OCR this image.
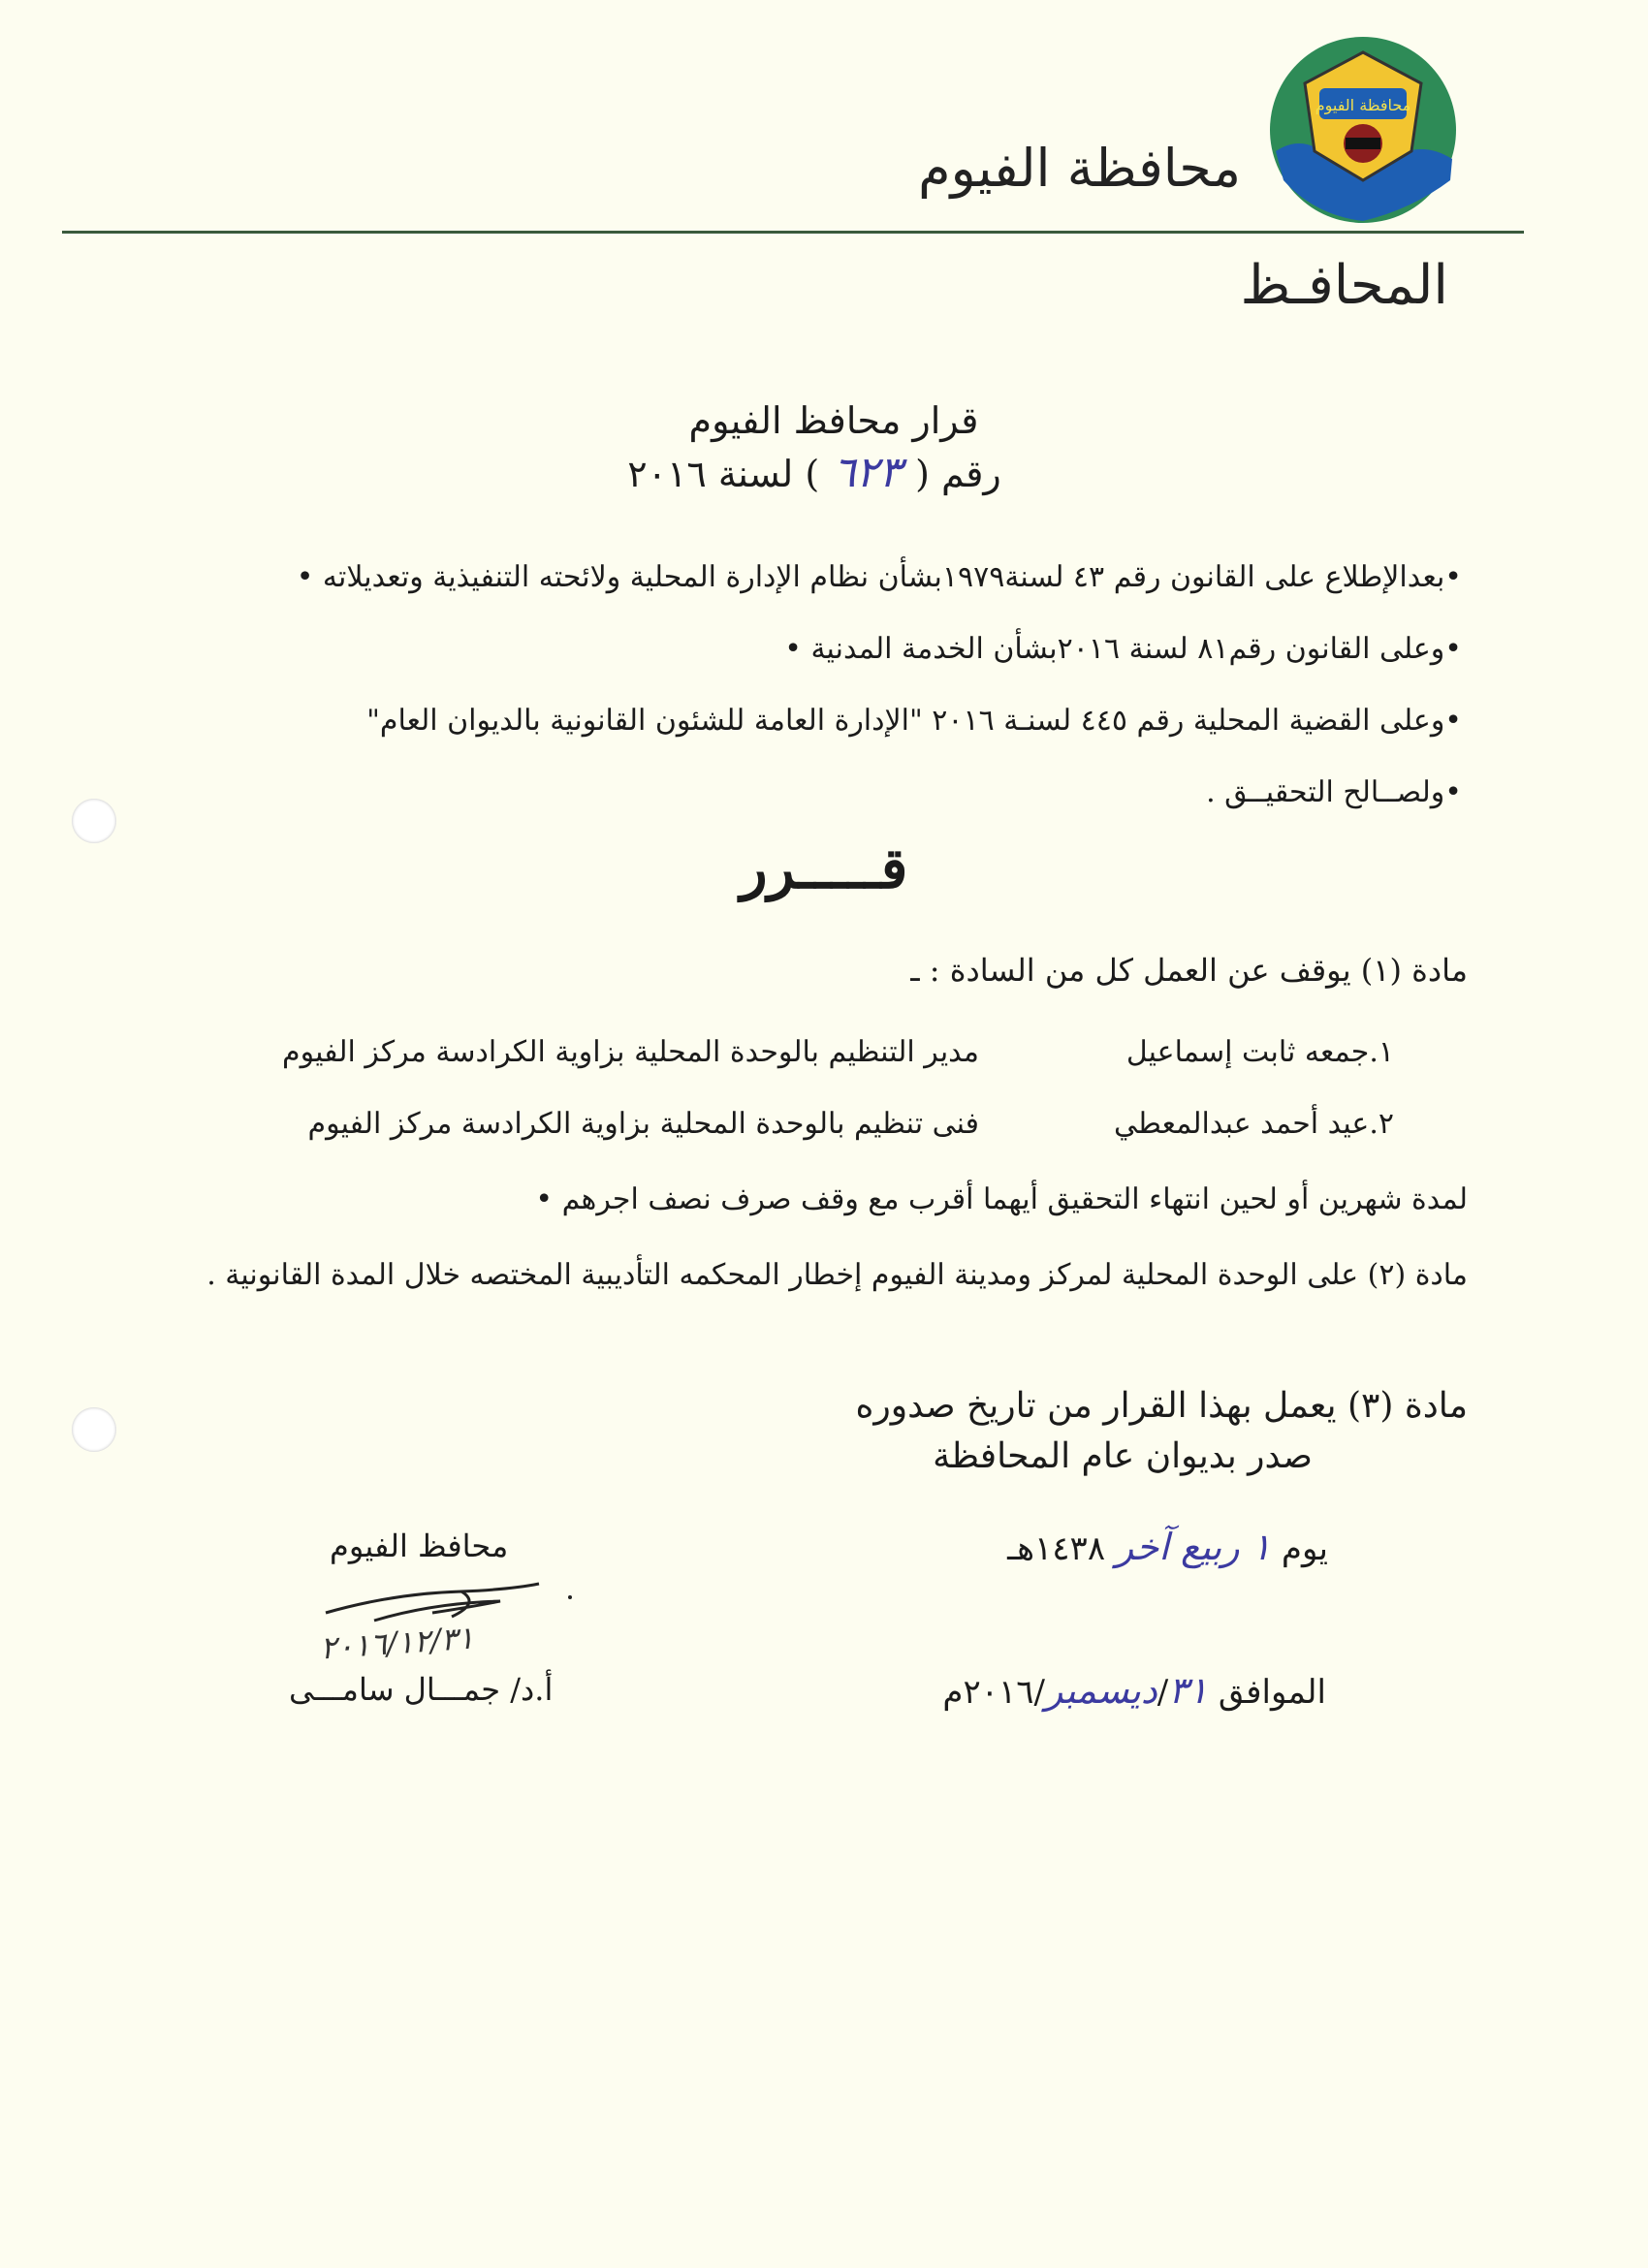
محافظة الفيوم
محافظة الفيوم
المحافـظ
قرار محافظ الفيوم
رقم (٦٢٣) لسنة ٢٠١٦
•بعدالإطلاع على القانون رقم ٤٣ لسنة١٩٧٩بشأن نظام الإدارة المحلية ولائحته التنفيذية وتعديلاته •
•وعلى القانون رقم٨١ لسنة ٢٠١٦بشأن الخدمة المدنية •
•وعلى القضية المحلية رقم ٤٤٥ لسنـة ٢٠١٦ "الإدارة العامة للشئون القانونية بالديوان العام"
•ولصــالح التحقيــق .
قـــــرر
مادة (١) يوقف عن العمل كل من السادة : ـ
١.جمعه ثابت إسماعيل
مدير التنظيم بالوحدة المحلية بزاوية الكرادسة مركز الفيوم
٢.عيد أحمد عبدالمعطي
فنى تنظيم بالوحدة المحلية بزاوية الكرادسة مركز الفيوم
لمدة شهرين أو لحين انتهاء التحقيق أيهما أقرب مع وقف صرف نصف اجرهم •
مادة (٢) على الوحدة المحلية لمركز ومدينة الفيوم إخطار المحكمه التأديبية المختصه خلال المدة القانونية .
مادة (٣) يعمل بهذا القرار من تاريخ صدوره
صدر بديوان عام المحافظة
محافظ الفيوم
٢٠١٦/١٢/٣١
أ.د/ جمـــال سامـــى
يوم ١ ربيع آخر ١٤٣٨هـ
الموافق ٣١/ديسمبر/٢٠١٦م
